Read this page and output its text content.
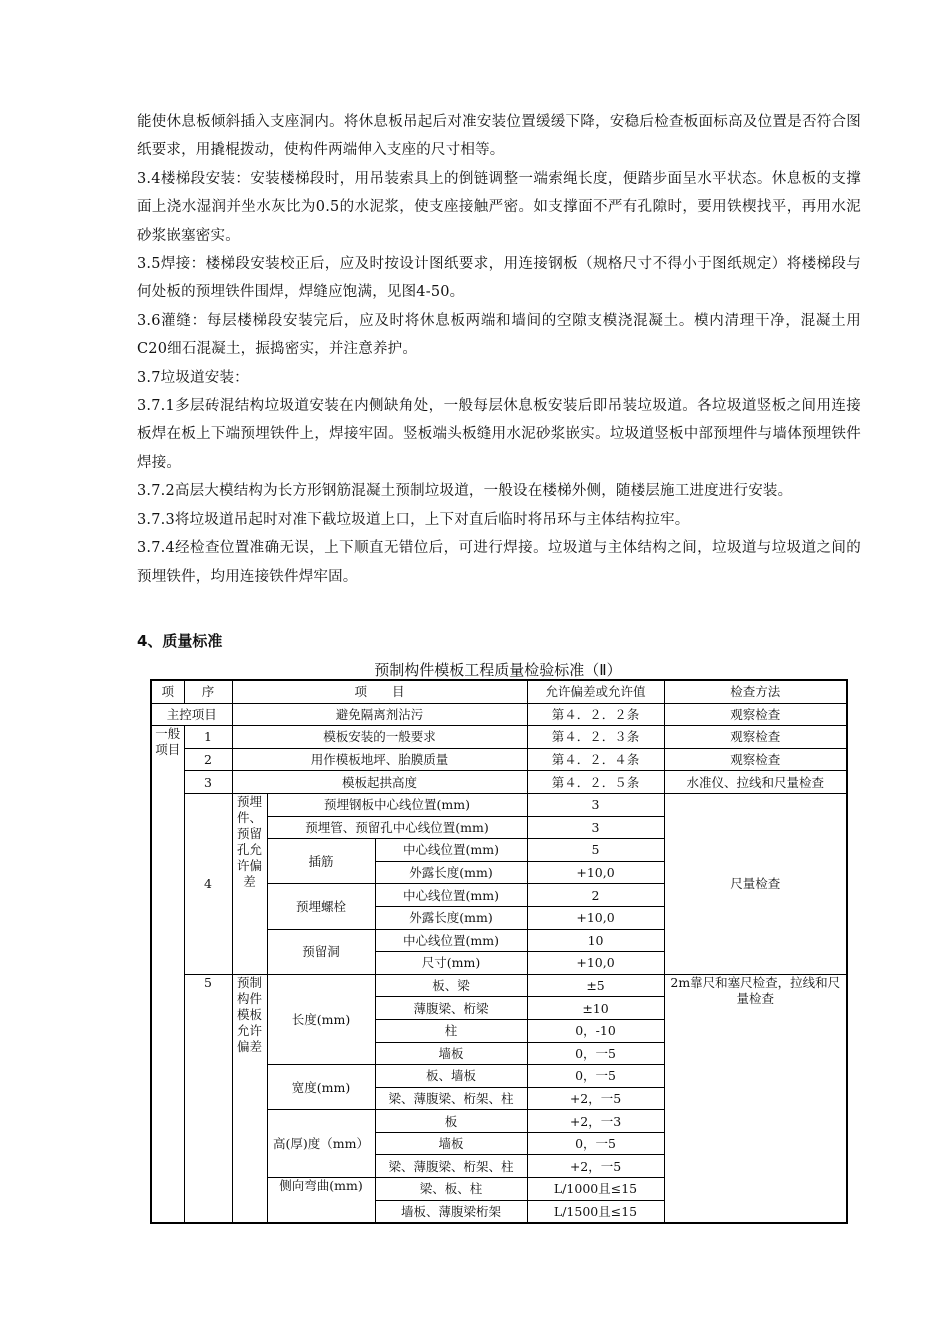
能使休息板倾斜插入支座洞内。将休息板吊起后对准安装位置缓缓下降，安稳后检查板面标高及位置是否符合图纸要求，用撬棍拨动，使构件两端伸入支座的尺寸相等。

3.4楼梯段安装：安装楼梯段时，用吊装索具上的倒链调整一端索绳长度，便踏步面呈水平状态。休息板的支撑面上浇水湿润并坐水灰比为0.5的水泥浆，使支座接触严密。如支撑面不严有孔隙时，要用铁楔找平，再用水泥砂浆嵌塞密实。

3.5焊接：楼梯段安装校正后，应及时按设计图纸要求，用连接钢板（规格尺寸不得小于图纸规定）将楼梯段与何处板的预埋铁件围焊，焊缝应饱满，见图4-50。

3.6灌缝：每层楼梯段安装完后，应及时将休息板两端和墙间的空隙支模浇混凝土。模内清理干净，混凝土用C20细石混凝土，振捣密实，并注意养护。

3.7垃圾道安装：

3.7.1多层砖混结构垃圾道安装在内侧缺角处，一般每层休息板安装后即吊装垃圾道。各垃圾道竖板之间用连接板焊在板上下端预埋铁件上，焊接牢固。竖板端头板缝用水泥砂浆嵌实。垃圾道竖板中部预埋件与墙体预埋铁件焊接。

3.7.2高层大模结构为长方形钢筋混凝土预制垃圾道，一般设在楼梯外侧，随楼层施工进度进行安装。

3.7.3将垃圾道吊起时对准下截垃圾道上口，上下对直后临时将吊环与主体结构拉牢。

3.7.4经检查位置准确无误，上下顺直无错位后，可进行焊接。垃圾道与主体结构之间，垃圾道与垃圾道之间的预埋铁件，均用连接铁件焊牢固。

4、质量标准
预制构件模板工程质量检验标准（Ⅱ）
项	序	项　　目			允许偏差或允许值	检查方法
主控项目		避免隔离剂沾污			第４．２．２条	观察检查
一般项目	1	模板安装的一般要求			第４．２．３条	观察检查
	2	用作模板地坪、胎膜质量			第４．２．４条	观察检查
	3	模板起拱高度			第４．２．５条	水准仪、拉线和尺量检查
	4	预埋件、预留孔允许偏差	预埋钢板中心线位置(mm)		3	尺量检查
			预埋管、预留孔中心线位置(mm)		3	
			插筋	中心线位置(mm)	5	
				外露长度(mm)	+10,0	
			预埋螺栓	中心线位置(mm)	2	
				外露长度(mm)	+10,0	
			预留洞	中心线位置(mm)	10	
				尺寸(mm)	+10,0	
	5	预制构件模板允许偏差	长度(mm)	板、梁	±5	2m靠尺和塞尺检查，拉线和尺量检查
				薄腹梁、桁梁	±10	
				柱	0，-10	
				墙板	0，一5	
			宽度(mm)	板、墙板	0，一5	
				梁、薄腹梁、桁架、柱	+2，一5	
			高(厚)度（mm）	板	+2，一3	
				墙板	0，一5	
				梁、薄腹梁、桁架、柱	+2，一5	
			侧向弯曲(mm)	梁、板、柱	L/1000且≤15	
				墙板、薄腹梁桁架	L/1500且≤15	
